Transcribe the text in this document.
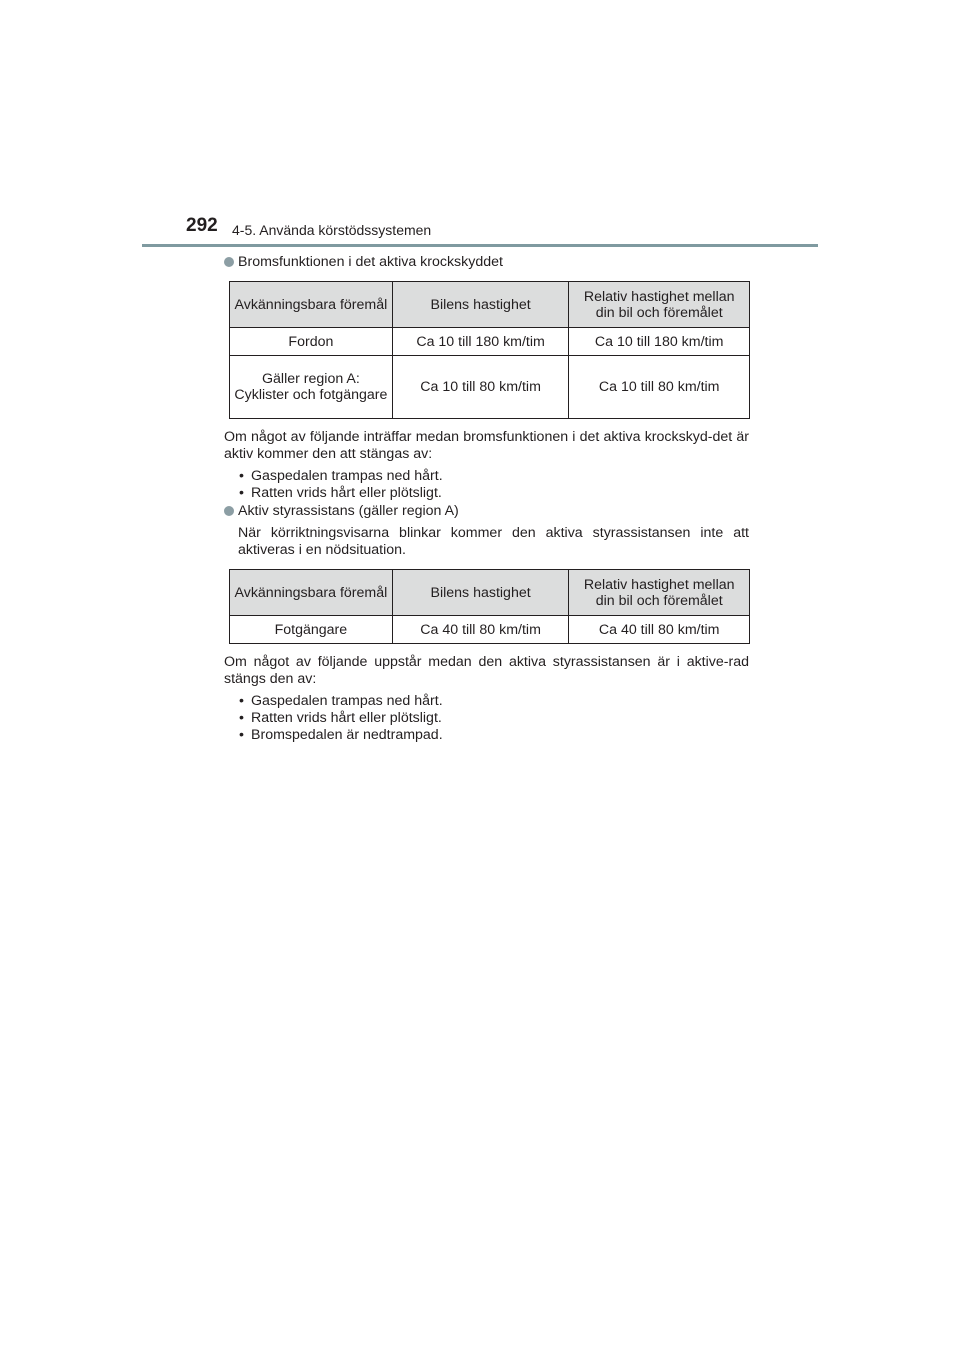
292 4-5. Använda körstödssystemen

Bromsfunktionen i det aktiva krockskyddet

Avkänningsbara föremål	Bilens hastighet	Relativ hastighet mellan din bil och föremålet
Fordon	Ca 10 till 180 km/tim	Ca 10 till 180 km/tim
Gäller region A: Cyklister och fotgängare	Ca 10 till 80 km/tim	Ca 10 till 80 km/tim

Om något av följande inträffar medan bromsfunktionen i det aktiva krockskyd-det är aktiv kommer den att stängas av:

• Gaspedalen trampas ned hårt.
• Ratten vrids hårt eller plötsligt.

Aktiv styrassistans (gäller region A)

När körriktningsvisarna blinkar kommer den aktiva styrassistansen inte att aktiveras i en nödsituation.

Avkänningsbara föremål	Bilens hastighet	Relativ hastighet mellan din bil och föremålet
Fotgängare	Ca 40 till 80 km/tim	Ca 40 till 80 km/tim

Om något av följande uppstår medan den aktiva styrassistansen är i aktive-rad stängs den av:

• Gaspedalen trampas ned hårt.
• Ratten vrids hårt eller plötsligt.
• Bromspedalen är nedtrampad.
